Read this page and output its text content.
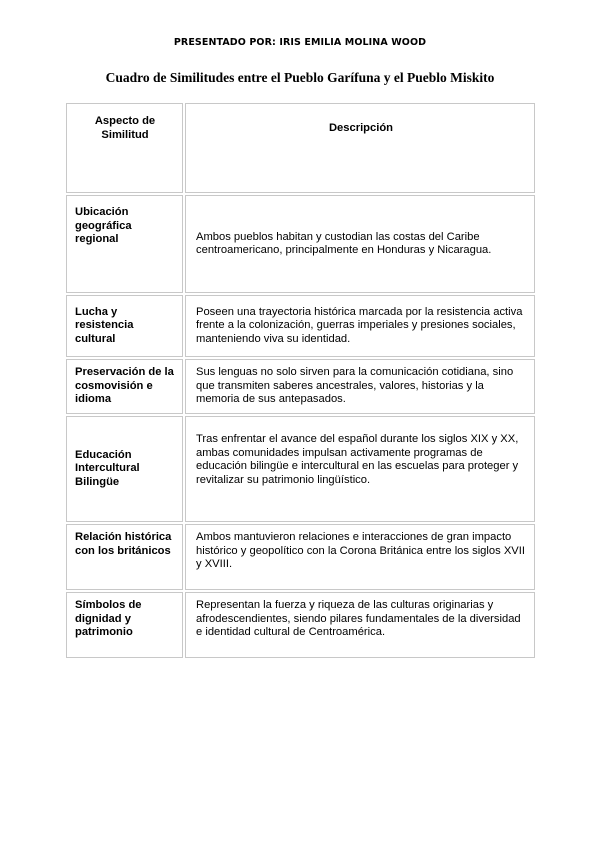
PRESENTADO POR: IRIS EMILIA MOLINA WOOD
Cuadro de Similitudes entre el Pueblo Garífuna y el Pueblo Miskito
Aspecto de Similitud	Descripción
Ubicación geográfica regional	Ambos pueblos habitan y custodian las costas del Caribe centroamericano, principalmente en Honduras y Nicaragua.
Lucha y resistencia cultural	Poseen una trayectoria histórica marcada por la resistencia activa frente a la colonización, guerras imperiales y presiones sociales, manteniendo viva su identidad.
Preservación de la cosmovisión e idioma	Sus lenguas no solo sirven para la comunicación cotidiana, sino que transmiten saberes ancestrales, valores, historias y la memoria de sus antepasados.
Educación Intercultural Bilingüe	Tras enfrentar el avance del español durante los siglos XIX y XX, ambas comunidades impulsan activamente programas de educación bilingüe e intercultural en las escuelas para proteger y revitalizar su patrimonio lingüístico.
Relación histórica con los británicos	Ambos mantuvieron relaciones e interacciones de gran impacto histórico y geopolítico con la Corona Británica entre los siglos XVII y XVIII.
Símbolos de dignidad y patrimonio	Representan la fuerza y riqueza de las culturas originarias y afrodescendientes, siendo pilares fundamentales de la diversidad e identidad cultural de Centroamérica.
